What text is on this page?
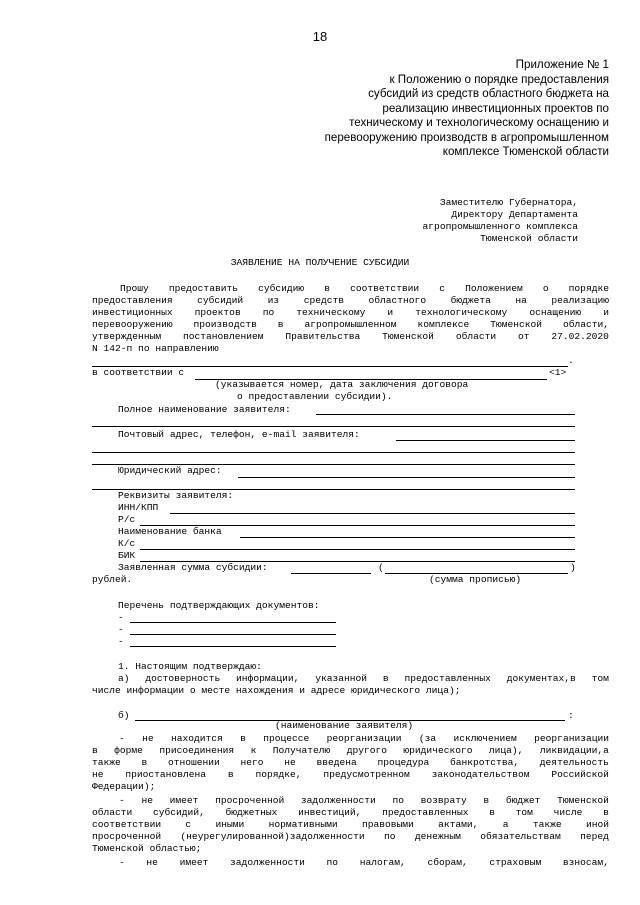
18
Приложение № 1
к Положению о порядке предоставления
субсидий из средств областного бюджета на
реализацию инвестиционных проектов по
техническому и технологическому оснащению и
перевооружению производств в агропромышленном
комплексе Тюменской области
Заместителю Губернатора,
Директору Департамента
агропромышленного комплекса
Тюменской области
ЗАЯВЛЕНИЕ НА ПОЛУЧЕНИЕ СУБСИДИИ
Прошу предоставить субсидию в соответствии с Положением о порядке
предоставления	субсидий	из	средств	областного	бюджета	на	реализацию
инвестиционных проектов по техническому и технологическому оснащению и
перевооружению производств в агропромышленном комплексе Тюменской области,
утвержденным постановлением Правительства Тюменской области от 27.02.2020
N 142-п по направлению
.
в соответствии с	<1>
(указывается номер, дата заключения договора
о предоставлении субсидии).
Полное наименование заявителя:
Почтовый адрес, телефон, e-mail заявителя:
Юридический адрес:
Реквизиты заявителя:
ИНН/КПП
Р/с
Наименование банка
К/с
БИК
Заявленная сумма субсидии:	(	)
рублей.	(сумма прописью)
Перечень подтверждающих документов:
-
-
-
1. Настоящим подтверждаю:
а) достоверность информации, указанной в предоставленных документах,в том
числе информации о месте нахождения и адресе юридического лица);
б)	:
(наименование заявителя)
- не находится в процессе реорганизации (за исключением реорганизации
в форме присоединения к Получателю другого юридического лица), ликвидации,а
также в отношении него не введена процедура банкротства, деятельность
не приостановлена в порядке, предусмотренном законодательством Российской
Федерации);
- не имеет просроченной задолженности по возврату в бюджет Тюменской
области субсидий, бюджетных инвестиций, предоставленных в том числе в
соответствии	с	иными	нормативными	правовыми	актами,	а	также	иной
просроченной (неурегулированной)задолженности по денежным обязательствам перед
Тюменской областью;
- не имеет задолженности по налогам, сборам, страховым взносам,
